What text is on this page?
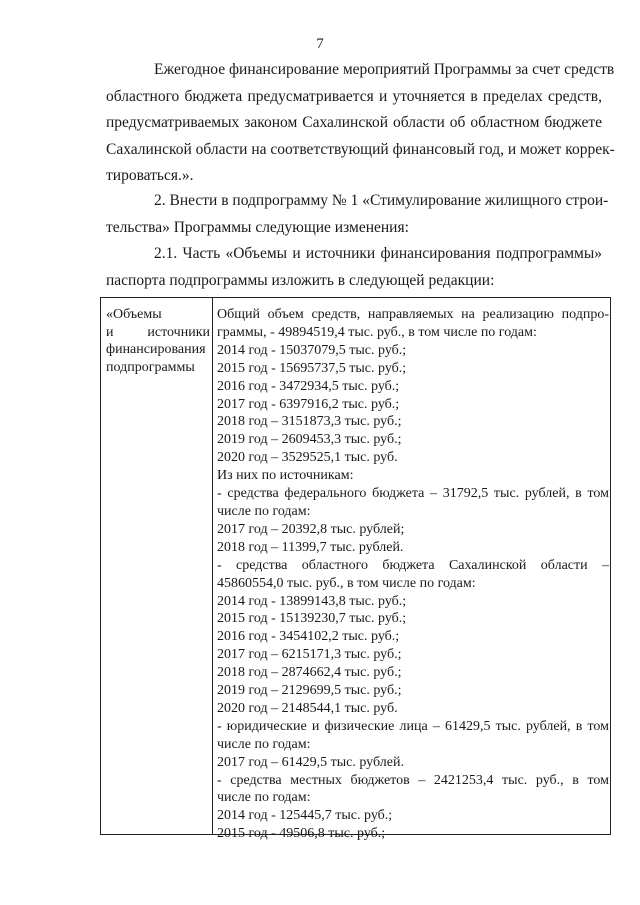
7
Ежегодное финансирование мероприятий Программы за счет средств
областного бюджета предусматривается и уточняется в пределах средств,
предусматриваемых законом Сахалинской области об областном бюджете
Сахалинской области на соответствующий финансовый год, и может коррек-
тироваться.».
2. Внести в подпрограмму № 1 «Стимулирование жилищного строи-
тельства» Программы следующие изменения:
2.1. Часть «Объемы и источники финансирования подпрограммы»
паспорта подпрограммы изложить в следующей редакции:
«Объемы
и источники
финансирования
подпрограммы
Общий объем средств, направляемых на реализацию подпро-
граммы, - 49894519,4 тыс. руб., в том числе по годам:
2014 год - 15037079,5 тыс. руб.;
2015 год - 15695737,5 тыс. руб.;
2016 год - 3472934,5 тыс. руб.;
2017 год - 6397916,2 тыс. руб.;
2018 год – 3151873,3 тыс. руб.;
2019 год – 2609453,3 тыс. руб.;
2020 год – 3529525,1 тыс. руб.
Из них по источникам:
- средства федерального бюджета – 31792,5 тыс. рублей, в том
числе по годам:
2017 год – 20392,8 тыс. рублей;
2018 год – 11399,7 тыс. рублей.
- средства областного бюджета Сахалинской области –
45860554,0 тыс. руб., в том числе по годам:
2014 год - 13899143,8 тыс. руб.;
2015 год - 15139230,7 тыс. руб.;
2016 год - 3454102,2 тыс. руб.;
2017 год – 6215171,3 тыс. руб.;
2018 год – 2874662,4 тыс. руб.;
2019 год – 2129699,5 тыс. руб.;
2020 год – 2148544,1 тыс. руб.
- юридические и физические лица – 61429,5 тыс. рублей, в том
числе по годам:
2017 год – 61429,5 тыс. рублей.
- средства местных бюджетов – 2421253,4 тыс. руб., в том
числе по годам:
2014 год - 125445,7 тыс. руб.;
2015 год - 49506,8 тыс. руб.;
